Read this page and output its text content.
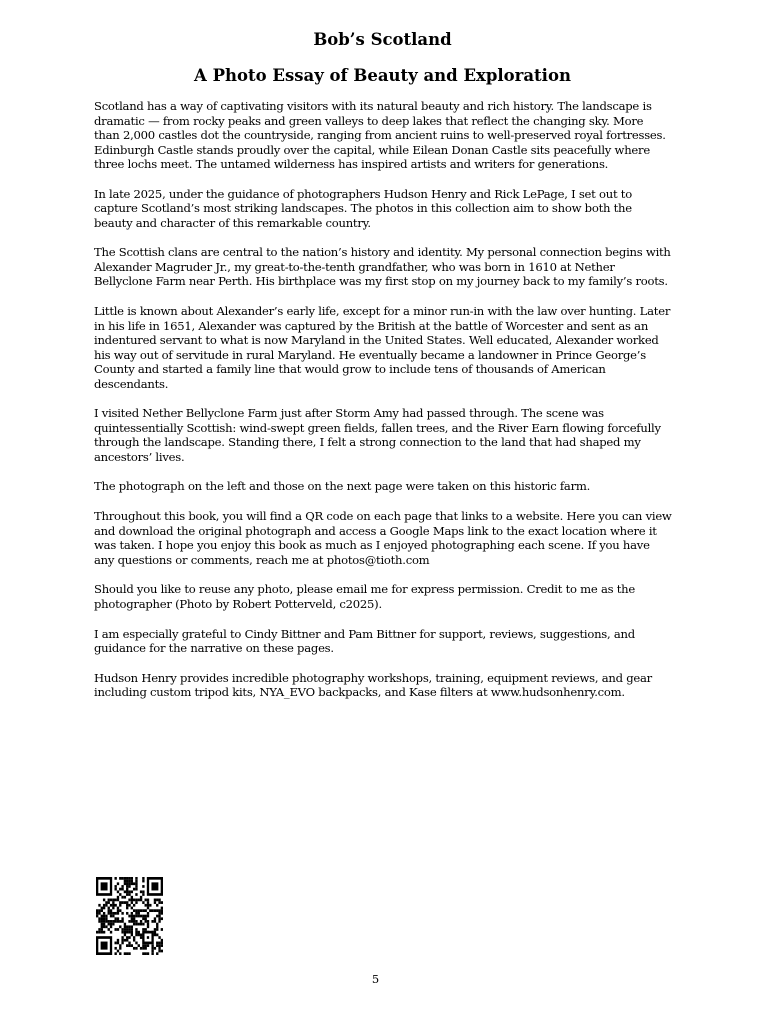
Bob’s Scotland
A Photo Essay of Beauty and Exploration

Scotland has a way of captivating visitors with its natural beauty and rich history. The landscape is dramatic — from rocky peaks and green valleys to deep lakes that reflect the changing sky. More than 2,000 castles dot the countryside, ranging from ancient ruins to well-preserved royal fortresses. Edinburgh Castle stands proudly over the capital, while Eilean Donan Castle sits peacefully where three lochs meet. The untamed wilderness has inspired artists and writers for generations.

In late 2025, under the guidance of photographers Hudson Henry and Rick LePage, I set out to capture Scotland’s most striking landscapes. The photos in this collection aim to show both the beauty and character of this remarkable country.

The Scottish clans are central to the nation’s history and identity. My personal connection begins with Alexander Magruder Jr., my great-to-the-tenth grandfather, who was born in 1610 at Nether Bellyclone Farm near Perth. His birthplace was my first stop on my journey back to my family’s roots.

Little is known about Alexander’s early life, except for a minor run-in with the law over hunting. Later in his life in 1651, Alexander was captured by the British at the battle of Worcester and sent as an indentured servant to what is now Maryland in the United States. Well educated, Alexander worked his way out of servitude in rural Maryland. He eventually became a landowner in Prince George’s County and started a family line that would grow to include tens of thousands of American descendants.

I visited Nether Bellyclone Farm just after Storm Amy had passed through. The scene was quintessentially Scottish: wind-swept green fields, fallen trees, and the River Earn flowing forcefully through the landscape. Standing there, I felt a strong connection to the land that had shaped my ancestors’ lives.

The photograph on the left and those on the next page were taken on this historic farm.

Throughout this book, you will find a QR code on each page that links to a website. Here you can view and download the original photograph and access a Google Maps link to the exact location where it was taken. I hope you enjoy this book as much as I enjoyed photographing each scene. If you have any questions or comments, reach me at photos@tioth.com

Should you like to reuse any photo, please email me for express permission. Credit to me as the photographer (Photo by Robert Potterveld, c2025).

I am especially grateful to Cindy Bittner and Pam Bittner for support, reviews, suggestions, and guidance for the narrative on these pages.

Hudson Henry provides incredible photography workshops, training, equipment reviews, and gear including custom tripod kits, NYA_EVO backpacks, and Kase filters at www.hudsonhenry.com.

5
